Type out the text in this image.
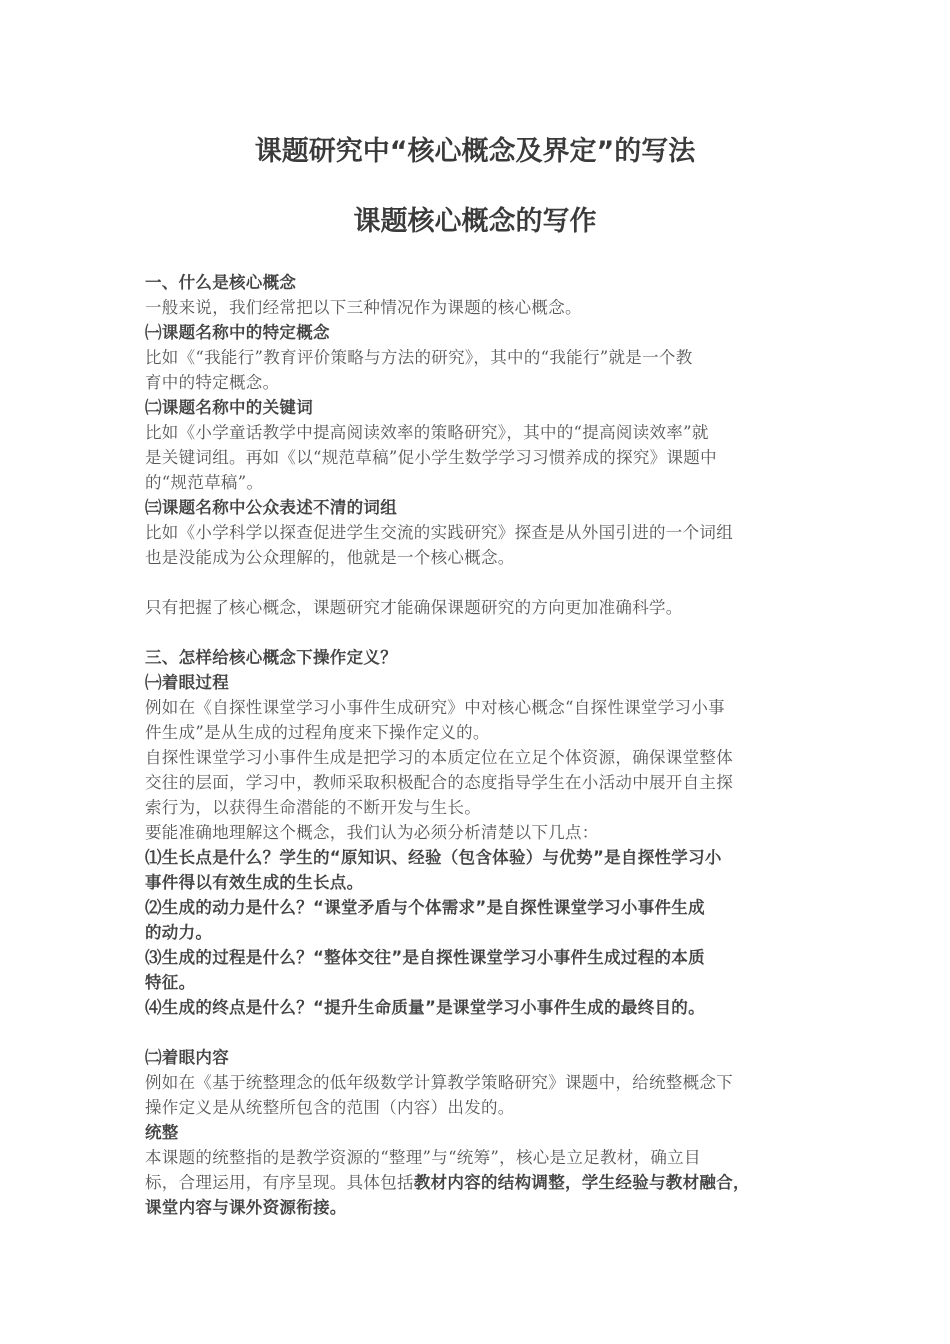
课题研究中“核心概念及界定”的写法
课题核心概念的写作
一、什么是核心概念
一般来说，我们经常把以下三种情况作为课题的核心概念。
㈠课题名称中的特定概念
比如《“我能行”教育评价策略与方法的研究》，其中的“我能行”就是一个教
育中的特定概念。
㈡课题名称中的关键词
比如《小学童话教学中提高阅读效率的策略研究》，其中的“提高阅读效率”就
是关键词组。再如《以“规范草稿”促小学生数学学习习惯养成的探究》课题中
的“规范草稿”。
㈢课题名称中公众表述不清的词组
比如《小学科学以探查促进学生交流的实践研究》探查是从外国引进的一个词组
也是没能成为公众理解的，他就是一个核心概念。
只有把握了核心概念，课题研究才能确保课题研究的方向更加准确科学。
三、怎样给核心概念下操作定义？
㈠着眼过程
例如在《自探性课堂学习小事件生成研究》中对核心概念“自探性课堂学习小事
件生成”是从生成的过程角度来下操作定义的。
自探性课堂学习小事件生成是把学习的本质定位在立足个体资源，确保课堂整体
交往的层面，学习中，教师采取积极配合的态度指导学生在小活动中展开自主探
索行为，以获得生命潜能的不断开发与生长。
要能准确地理解这个概念，我们认为必须分析清楚以下几点：
⑴生长点是什么？学生的“原知识、经验（包含体验）与优势”是自探性学习小
事件得以有效生成的生长点。
⑵生成的动力是什么？“课堂矛盾与个体需求”是自探性课堂学习小事件生成
的动力。
⑶生成的过程是什么？“整体交往”是自探性课堂学习小事件生成过程的本质
特征。
⑷生成的终点是什么？“提升生命质量”是课堂学习小事件生成的最终目的。
㈡着眼内容
例如在《基于统整理念的低年级数学计算教学策略研究》课题中，给统整概念下
操作定义是从统整所包含的范围（内容）出发的。
统整
本课题的统整指的是教学资源的“整理”与“统筹”，核心是立足教材，确立目
标，合理运用，有序呈现。具体包括教材内容的结构调整，学生经验与教材融合，
课堂内容与课外资源衔接。
